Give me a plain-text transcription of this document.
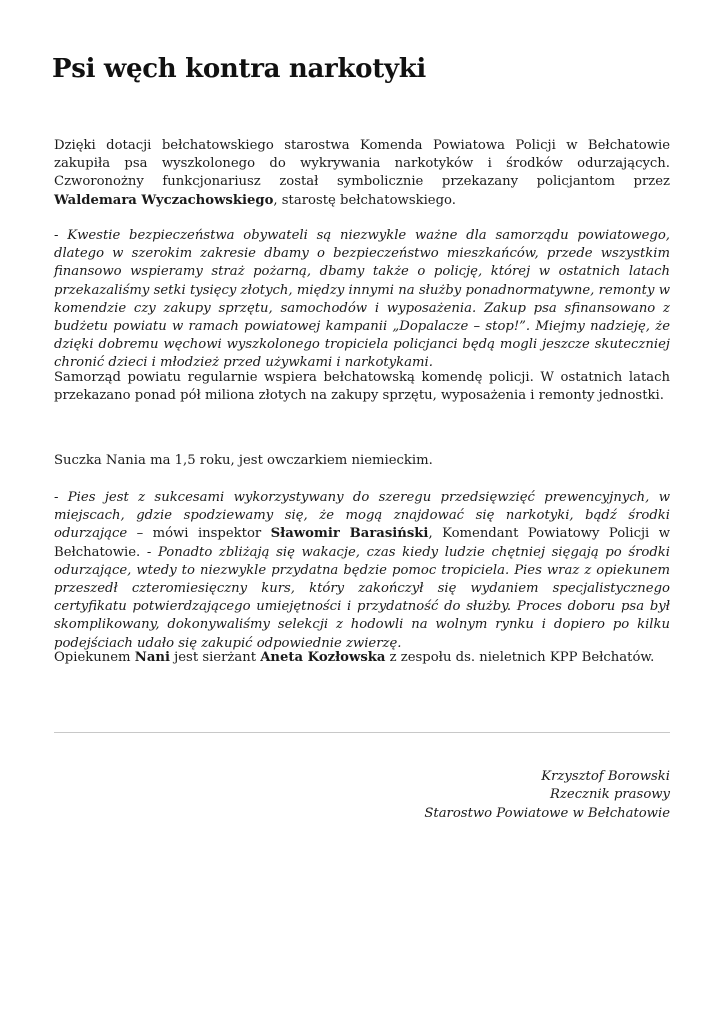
Psi węch kontra narkotyki
Dzięki dotacji bełchatowskiego starostwa Komenda Powiatowa Policji w Bełchatowie zakupiła psa wyszkolonego do wykrywania narkotyków i środków odurzających. Czworonożny funkcjonariusz został symbolicznie przekazany policjantom przez Waldemara Wyczachowskiego, starostę bełchatowskiego.
- Kwestie bezpieczeństwa obywateli są niezwykle ważne dla samorządu powiatowego, dlatego w szerokim zakresie dbamy o bezpieczeństwo mieszkańców, przede wszystkim finansowo wspieramy straż pożarną, dbamy także o policję, której w ostatnich latach przekazaliśmy setki tysięcy złotych, między innymi na służby ponadnormatywne, remonty w komendzie czy zakupy sprzętu, samochodów i wyposażenia. Zakup psa sfinansowano z budżetu powiatu w ramach powiatowej kampanii „Dopalacze – stop!”. Miejmy nadzieję, że dzięki dobremu węchowi wyszkolonego tropiciela policjanci będą mogli jeszcze skuteczniej chronić dzieci i młodzież przed używkami i narkotykami.
Samorząd powiatu regularnie wspiera bełchatowską komendę policji. W ostatnich latach przekazano ponad pół miliona złotych na zakupy sprzętu, wyposażenia i remonty jednostki.
Suczka Nania ma 1,5 roku, jest owczarkiem niemieckim.
- Pies jest z sukcesami wykorzystywany do szeregu przedsięwzięć prewencyjnych, w miejscach, gdzie spodziewamy się, że mogą znajdować się narkotyki, bądź środki odurzające – mówi inspektor Sławomir Barasiński, Komendant Powiatowy Policji w Bełchatowie. - Ponadto zbliżają się wakacje, czas kiedy ludzie chętniej sięgają po środki odurzające, wtedy to niezwykle przydatna będzie pomoc tropiciela. Pies wraz z opiekunem przeszedł czteromiesięczny kurs, który zakończył się wydaniem specjalistycznego certyfikatu potwierdzającego umiejętności i przydatność do służby. Proces doboru psa był skomplikowany, dokonywaliśmy selekcji z hodowli na wolnym rynku i dopiero po kilku podejściach udało się zakupić odpowiednie zwierzę.
Opiekunem Nani jest sierżant Aneta Kozłowska z zespołu ds. nieletnich KPP Bełchatów.
Krzysztof Borowski
Rzecznik prasowy
Starostwo Powiatowe w Bełchatowie
